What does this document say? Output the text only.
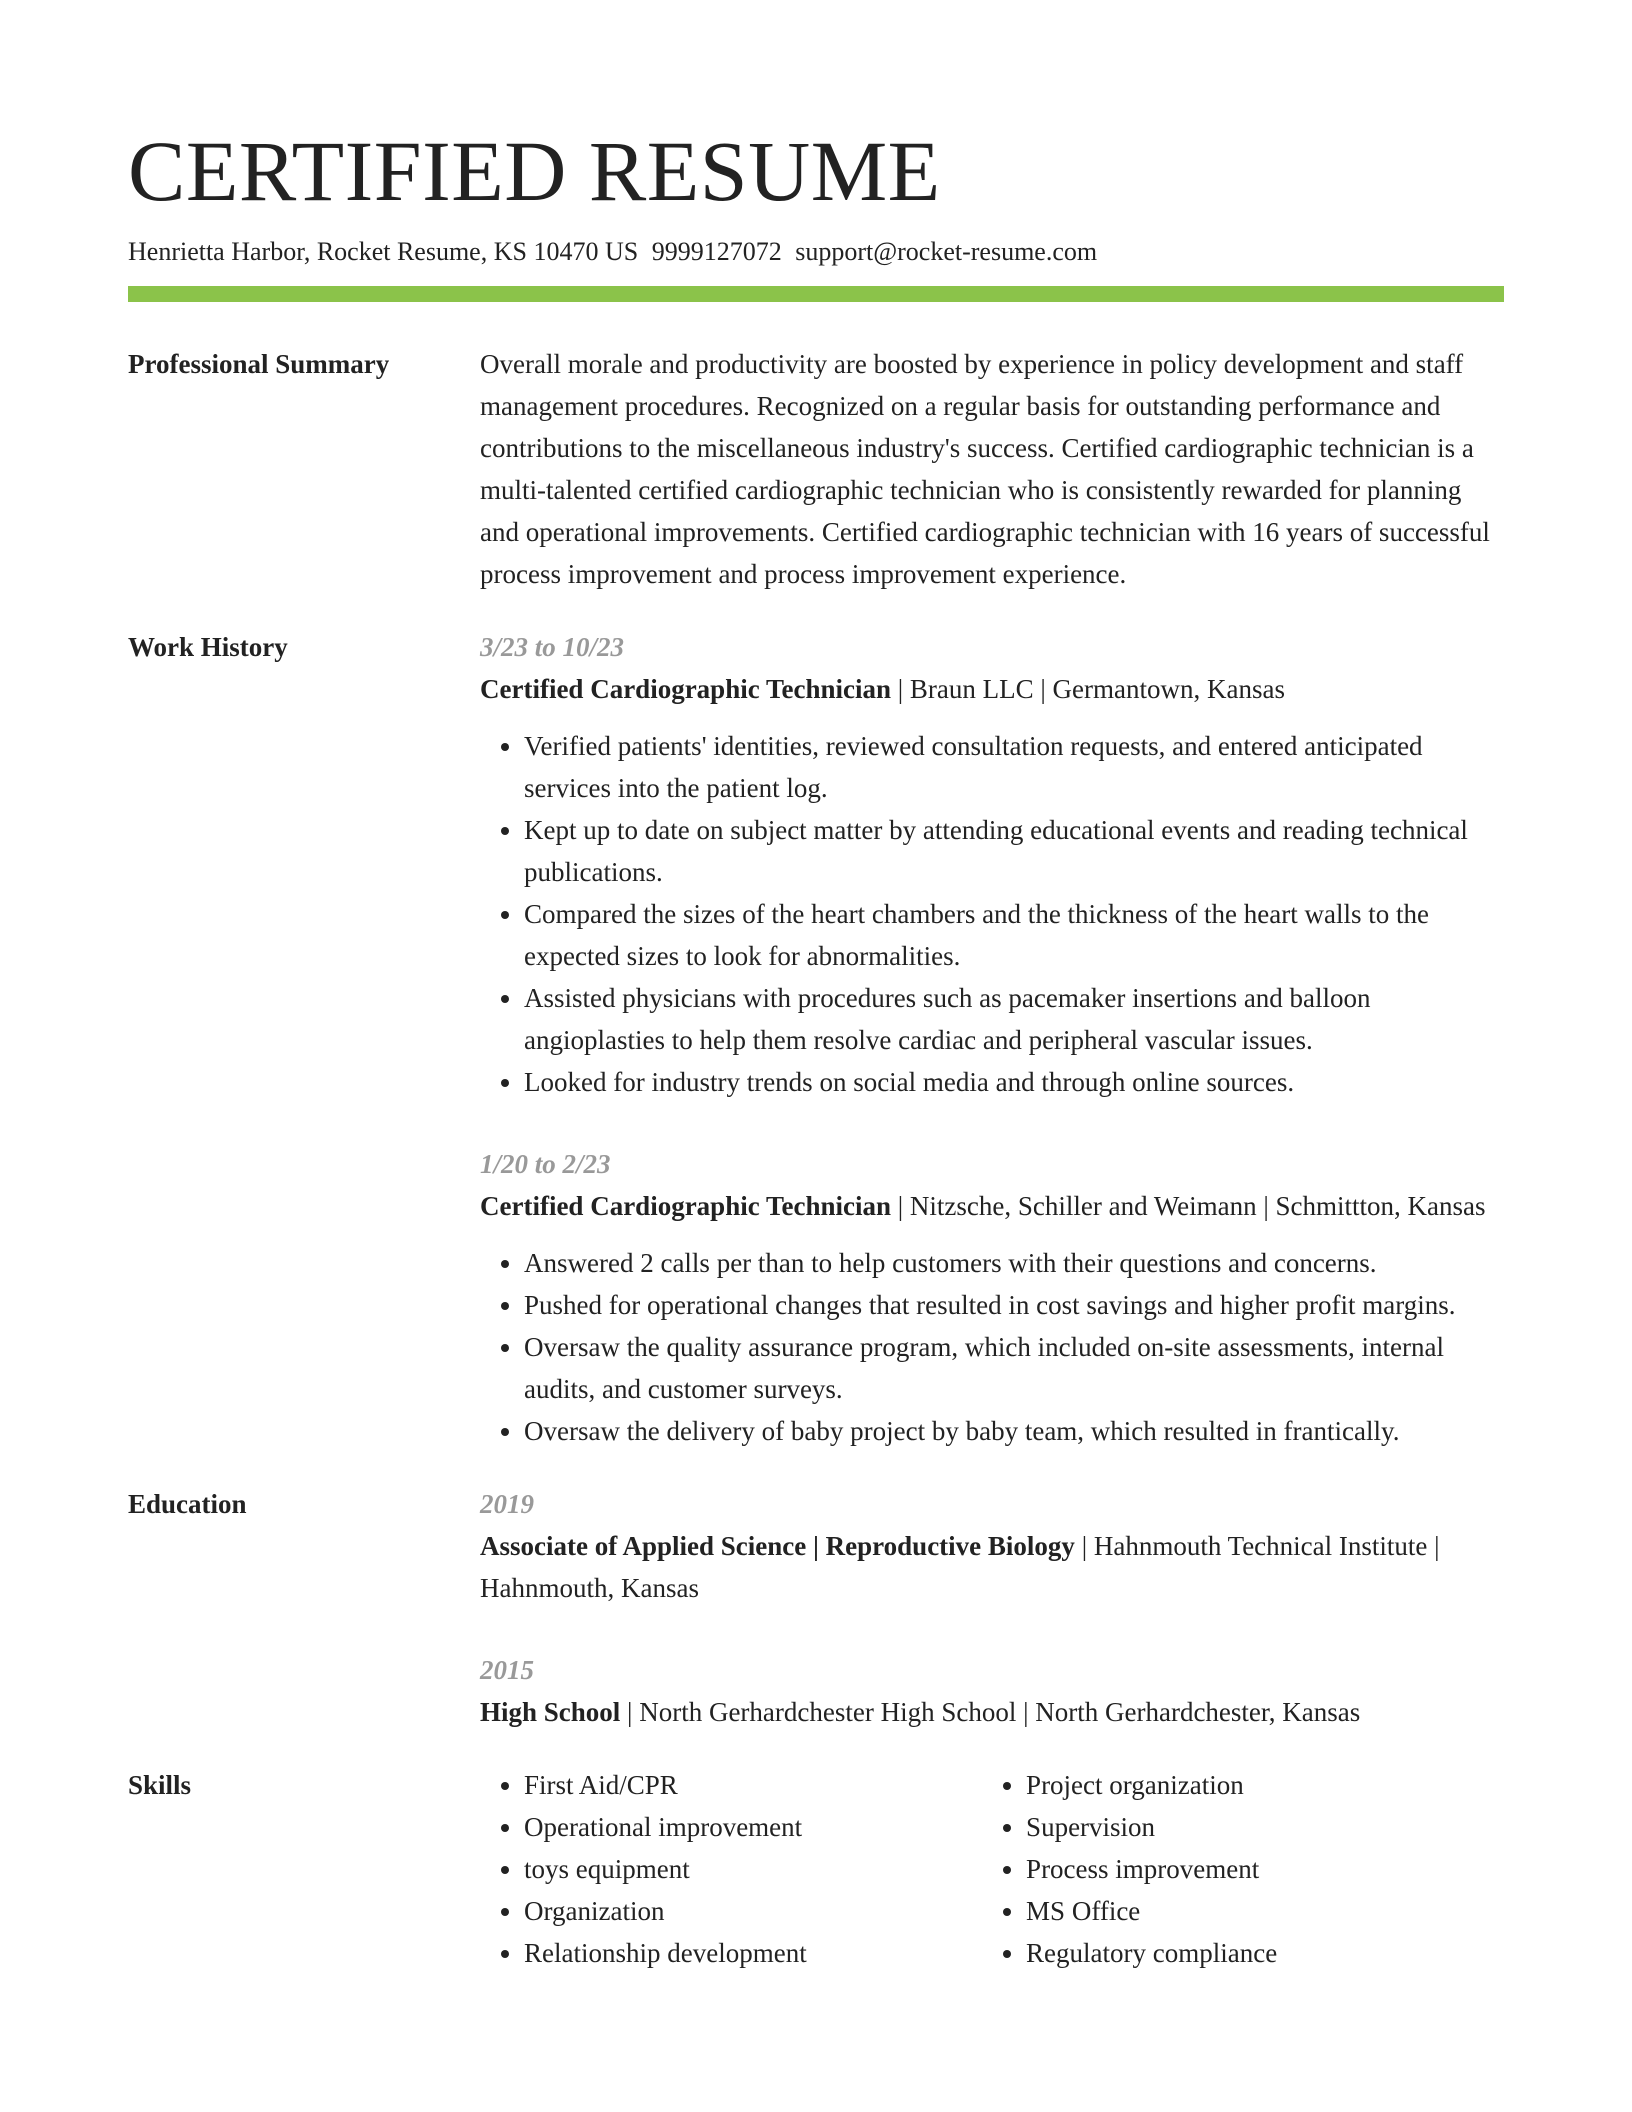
CERTIFIED RESUME
Henrietta Harbor, Rocket Resume, KS 10470 US 9999127072 support@rocket-resume.com
Professional Summary	Overall morale and productivity are boosted by experience in policy development and staff management procedures. Recognized on a regular basis for outstanding performance and contributions to the miscellaneous industry's success. Certified cardiographic technician is a multi-talented certified cardiographic technician who is consistently rewarded for planning and operational improvements. Certified cardiographic technician with 16 years of successful process improvement and process improvement experience.
Work History	3/23 to 10/23
Certified Cardiographic Technician | Braun LLC | Germantown, Kansas
• Verified patients' identities, reviewed consultation requests, and entered anticipated services into the patient log.
• Kept up to date on subject matter by attending educational events and reading technical publications.
• Compared the sizes of the heart chambers and the thickness of the heart walls to the expected sizes to look for abnormalities.
• Assisted physicians with procedures such as pacemaker insertions and balloon angioplasties to help them resolve cardiac and peripheral vascular issues.
• Looked for industry trends on social media and through online sources.
1/20 to 2/23
Certified Cardiographic Technician | Nitzsche, Schiller and Weimann | Schmittton, Kansas
• Answered 2 calls per than to help customers with their questions and concerns.
• Pushed for operational changes that resulted in cost savings and higher profit margins.
• Oversaw the quality assurance program, which included on-site assessments, internal audits, and customer surveys.
• Oversaw the delivery of baby project by baby team, which resulted in frantically.
Education	2019
Associate of Applied Science | Reproductive Biology | Hahnmouth Technical Institute | Hahnmouth, Kansas
2015
High School | North Gerhardchester High School | North Gerhardchester, Kansas
Skills
•	First Aid/CPR
• Operational improvement
• toys equipment
• Organization
• Relationship development
• Project organization
• Supervision
• Process improvement
• MS Office
• Regulatory compliance
